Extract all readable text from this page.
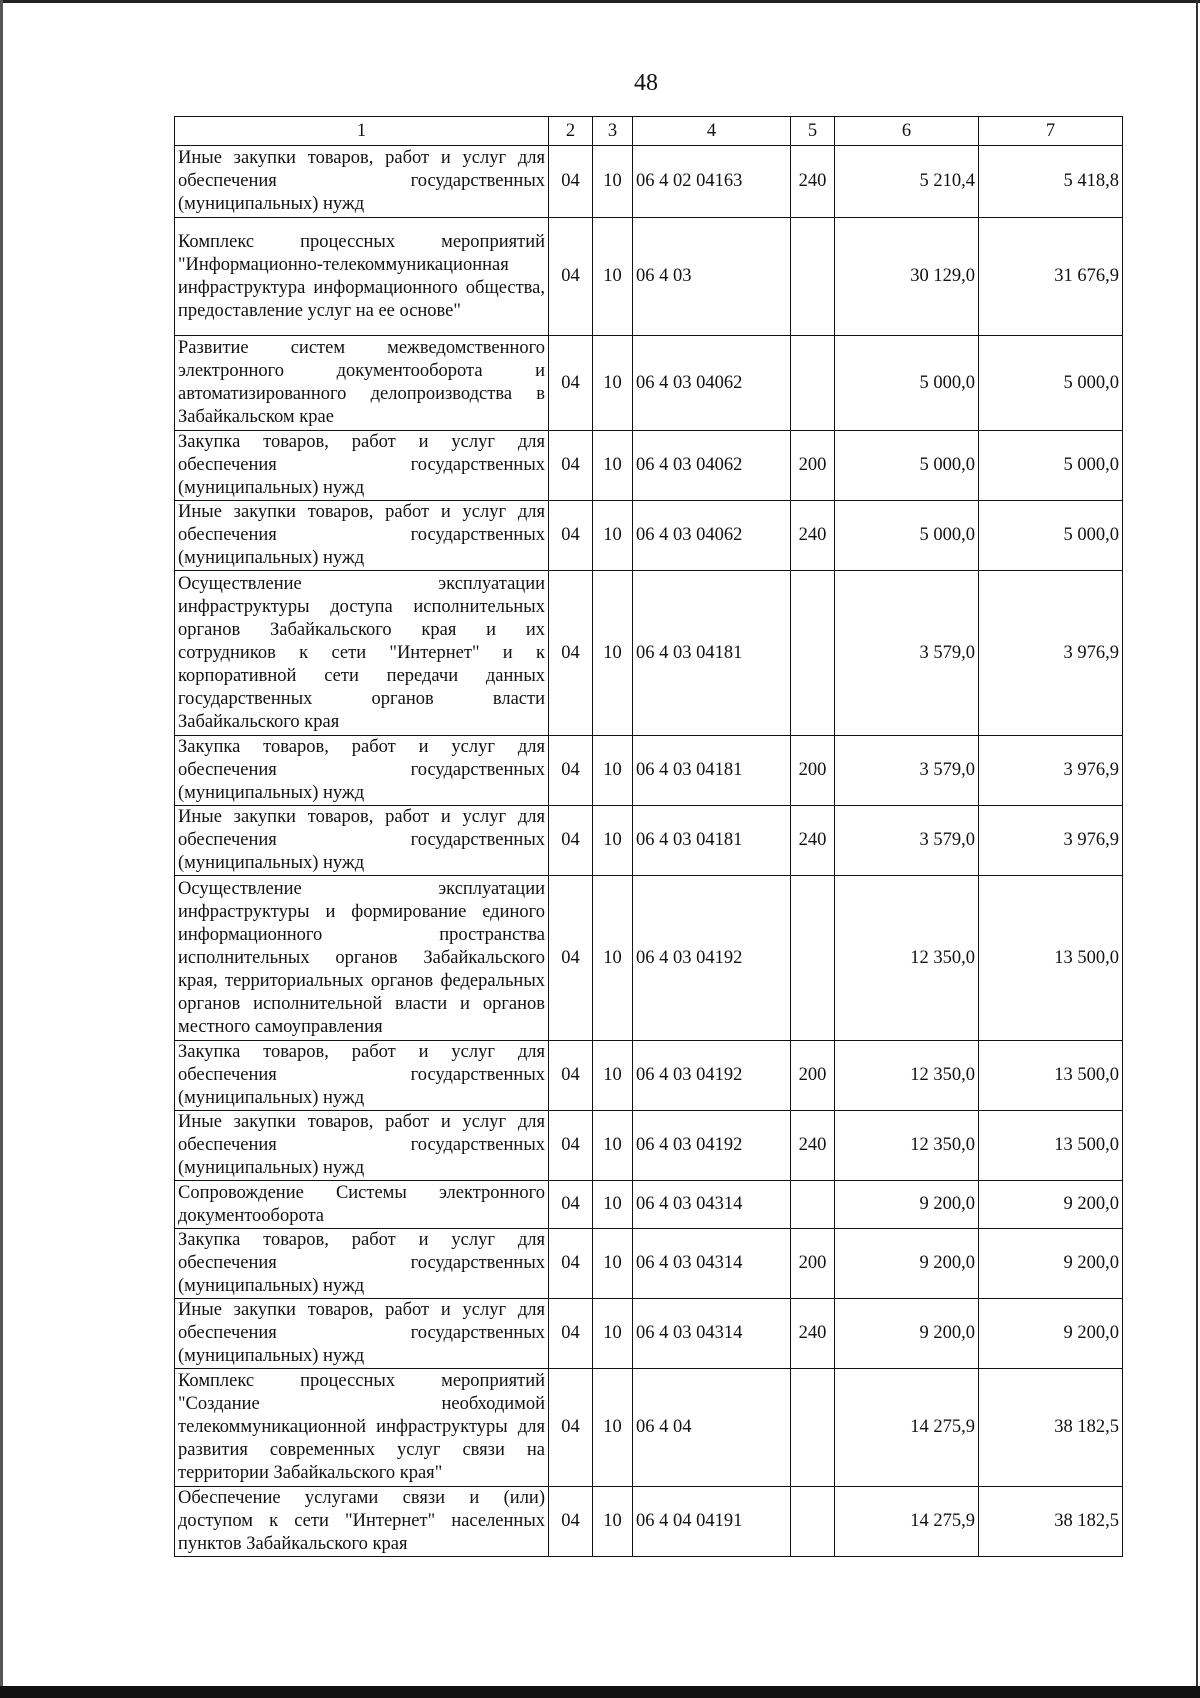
48
1	2	3	4	5	6	7
Иные закупки товаров, работ и услуг для обеспечения государственных (муниципальных) нужд	04	10	06 4 02 04163	240	5 210,4	5 418,8
Комплекс процессных мероприятий "Информационно-телекоммуникационная инфраструктура информационного общества, предоставление услуг на ее основе"	04	10	06 4 03		30 129,0	31 676,9
Развитие систем межведомственного электронного документооборота и автоматизированного делопроизводства в Забайкальском крае	04	10	06 4 03 04062		5 000,0	5 000,0
Закупка товаров, работ и услуг для обеспечения государственных (муниципальных) нужд	04	10	06 4 03 04062	200	5 000,0	5 000,0
Иные закупки товаров, работ и услуг для обеспечения государственных (муниципальных) нужд	04	10	06 4 03 04062	240	5 000,0	5 000,0
Осуществление эксплуатации инфраструктуры доступа исполнительных органов Забайкальского края и их сотрудников к сети "Интернет" и к корпоративной сети передачи данных государственных органов власти Забайкальского края	04	10	06 4 03 04181		3 579,0	3 976,9
Закупка товаров, работ и услуг для обеспечения государственных (муниципальных) нужд	04	10	06 4 03 04181	200	3 579,0	3 976,9
Иные закупки товаров, работ и услуг для обеспечения государственных (муниципальных) нужд	04	10	06 4 03 04181	240	3 579,0	3 976,9
Осуществление эксплуатации инфраструктуры и формирование единого информационного пространства исполнительных органов Забайкальского края, территориальных органов федеральных органов исполнительной власти и органов местного самоуправления	04	10	06 4 03 04192		12 350,0	13 500,0
Закупка товаров, работ и услуг для обеспечения государственных (муниципальных) нужд	04	10	06 4 03 04192	200	12 350,0	13 500,0
Иные закупки товаров, работ и услуг для обеспечения государственных (муниципальных) нужд	04	10	06 4 03 04192	240	12 350,0	13 500,0
Сопровождение Системы электронного документооборота	04	10	06 4 03 04314		9 200,0	9 200,0
Закупка товаров, работ и услуг для обеспечения государственных (муниципальных) нужд	04	10	06 4 03 04314	200	9 200,0	9 200,0
Иные закупки товаров, работ и услуг для обеспечения государственных (муниципальных) нужд	04	10	06 4 03 04314	240	9 200,0	9 200,0
Комплекс процессных мероприятий "Создание необходимой телекоммуникационной инфраструктуры для развития современных услуг связи на территории Забайкальского края"	04	10	06 4 04		14 275,9	38 182,5
Обеспечение услугами связи и (или) доступом к сети "Интернет" населенных пунктов Забайкальского края	04	10	06 4 04 04191		14 275,9	38 182,5
